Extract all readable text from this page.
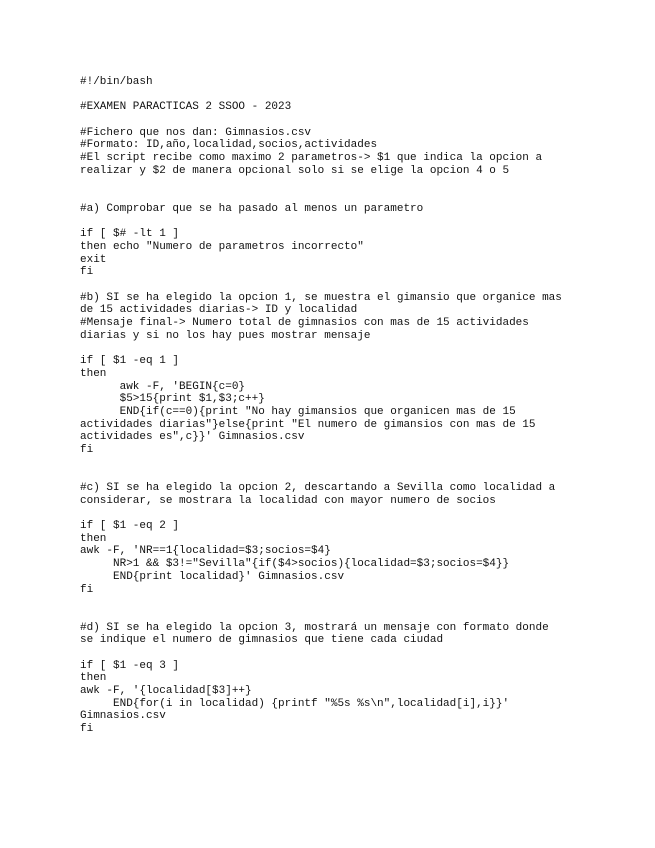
#!/bin/bash
#EXAMEN PARACTICAS 2 SSOO - 2023
#Fichero que nos dan: Gimnasios.csv
#Formato: ID,año,localidad,socios,actividades
#El script recibe como maximo 2 parametros-> $1 que indica la opcion a
realizar y $2 de manera opcional solo si se elige la opcion 4 o 5
#a) Comprobar que se ha pasado al menos un parametro
if [ $# -lt 1 ]
then echo "Numero de parametros incorrecto"
exit
fi
#b) SI se ha elegido la opcion 1, se muestra el gimansio que organice mas
de 15 actividades diarias-> ID y localidad
#Mensaje final-> Numero total de gimnasios con mas de 15 actividades
diarias y si no los hay pues mostrar mensaje
if [ $1 -eq 1 ]
then
awk -F, 'BEGIN{c=0}
$5>15{print $1,$3;c++}
END{if(c==0){print "No hay gimansios que organicen mas de 15
actividades diarias"}else{print "El numero de gimansios con mas de 15
actividades es",c}}' Gimnasios.csv
fi
#c) SI se ha elegido la opcion 2, descartando a Sevilla como localidad a
considerar, se mostrara la localidad con mayor numero de socios
if [ $1 -eq 2 ]
then
awk -F, 'NR==1{localidad=$3;socios=$4}
NR>1 && $3!="Sevilla"{if($4>socios){localidad=$3;socios=$4}}
END{print localidad}' Gimnasios.csv
fi
#d) SI se ha elegido la opcion 3, mostrará un mensaje con formato donde
se indique el numero de gimnasios que tiene cada ciudad
if [ $1 -eq 3 ]
then
awk -F, '{localidad[$3]++}
END{for(i in localidad) {printf "%5s %s\n",localidad[i],i}}'
Gimnasios.csv
fi
